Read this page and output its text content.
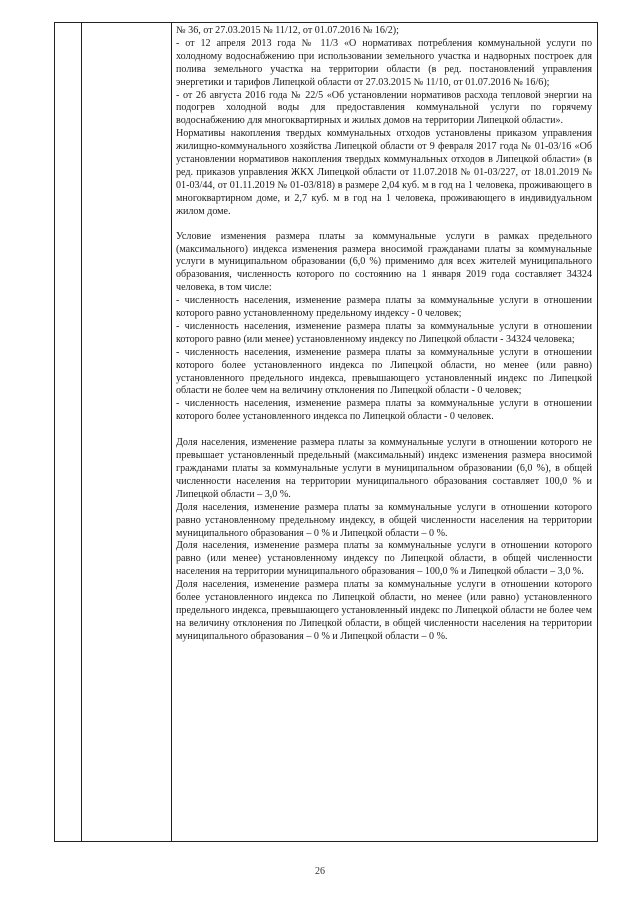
№ 36, от 27.03.2015 № 11/12, от 01.07.2016 № 16/2);

- от 12 апреля 2013 года № 11/3 «О нормативах потребления коммунальной услуги по холодному водоснабжению при использовании земельного участка и надворных построек для полива земельного участка на территории области (в ред. постановлений управления энергетики и тарифов Липецкой области от 27.03.2015 № 11/10, от 01.07.2016 № 16/6);

- от 26 августа 2016 года № 22/5 «Об установлении нормативов расхода тепловой энергии на подогрев холодной воды для предоставления коммунальной услуги по горячему водоснабжению для многоквартирных и жилых домов на территории Липецкой области».

Нормативы накопления твердых коммунальных отходов установлены приказом управления жилищно-коммунального хозяйства Липецкой области от 9 февраля 2017 года № 01-03/16 «Об установлении нормативов накопления твердых коммунальных отходов в Липецкой области» (в ред. приказов управления ЖКХ Липецкой области от 11.07.2018 № 01-03/227, от 18.01.2019 № 01-03/44, от 01.11.2019 № 01-03/818) в размере 2,04 куб. м в год на 1 человека, проживающего в многоквартирном доме, и 2,7 куб. м в год на 1 человека, проживающего в индивидуальном жилом доме.

Условие изменения размера платы за коммунальные услуги в рамках предельного (максимального) индекса изменения размера вносимой гражданами платы за коммунальные услуги в муниципальном образовании (6,0 %) применимо для всех жителей муниципального образования, численность которого по состоянию на 1 января 2019 года составляет 34324 человека, в том числе:

- численность населения, изменение размера платы за коммунальные услуги в отношении которого равно установленному предельному индексу - 0 человек;

- численность населения, изменение размера платы за коммунальные услуги в отношении которого равно (или менее) установленному индексу по Липецкой области - 34324 человека;

- численность населения, изменение размера платы за коммунальные услуги в отношении которого более установленного индекса по Липецкой области, но менее (или равно) установленного предельного индекса, превышающего установленный индекс по Липецкой области не более чем на величину отклонения по Липецкой области - 0 человек;

- численность населения, изменение размера платы за коммунальные услуги в отношении которого более установленного индекса по Липецкой области - 0 человек.

Доля населения, изменение размера платы за коммунальные услуги в отношении которого не превышает установленный предельный (максимальный) индекс изменения размера вносимой гражданами платы за коммунальные услуги в муниципальном образовании (6,0 %), в общей численности населения на территории муниципального образования составляет 100,0 % и Липецкой области – 3,0 %.

Доля населения, изменение размера платы за коммунальные услуги в отношении которого равно установленному предельному индексу, в общей численности населения на территории муниципального образования – 0 % и Липецкой области – 0 %.

Доля населения, изменение размера платы за коммунальные услуги в отношении которого равно (или менее) установленному индексу по Липецкой области, в общей численности населения на территории муниципального образования – 100,0 % и Липецкой области – 3,0 %.

Доля населения, изменение размера платы за коммунальные услуги в отношении которого более установленного индекса по Липецкой области, но менее (или равно) установленного предельного индекса, превышающего установленный индекс по Липецкой области не более чем на величину отклонения по Липецкой области, в общей численности населения на территории муниципального образования – 0 % и Липецкой области – 0 %.

26
